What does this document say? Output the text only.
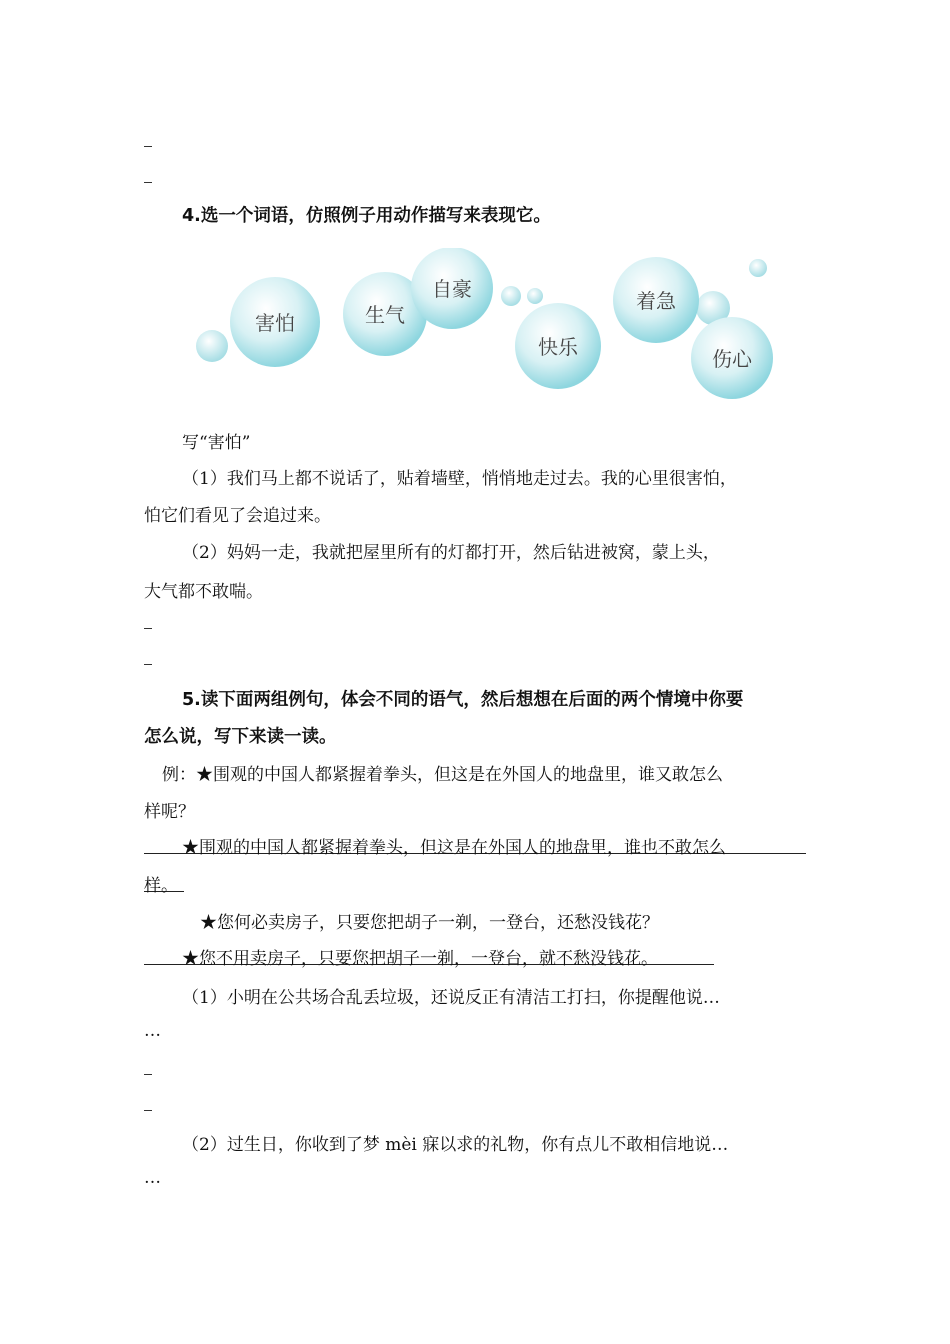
4.选一个词语，仿照例子用动作描写来表现它。
害怕	生气
自豪
快乐
着急
伤心
写“害怕”
（1）我们马上都不说话了，贴着墙壁，悄悄地走过去。我的心里很害怕，
怕它们看见了会追过来。
（2）妈妈一走，我就把屋里所有的灯都打开，然后钻进被窝，蒙上头，
大气都不敢喘。
5.读下面两组例句，体会不同的语气，然后想想在后面的两个情境中你要
怎么说，写下来读一读。
例：★围观的中国人都紧握着拳头，但这是在外国人的地盘里，谁又敢怎么
样呢？
★围观的中国人都紧握着拳头，但这是在外国人的地盘里，谁也不敢怎么
样。
★您何必卖房子，只要您把胡子一剃，一登台，还愁没钱花？
★您不用卖房子，只要您把胡子一剃，一登台，就不愁没钱花。
（1）小明在公共场合乱丢垃圾，还说反正有清洁工打扫，你提醒他说…
…
（2）过生日，你收到了梦 mèi 寐以求的礼物，你有点儿不敢相信地说…
…
